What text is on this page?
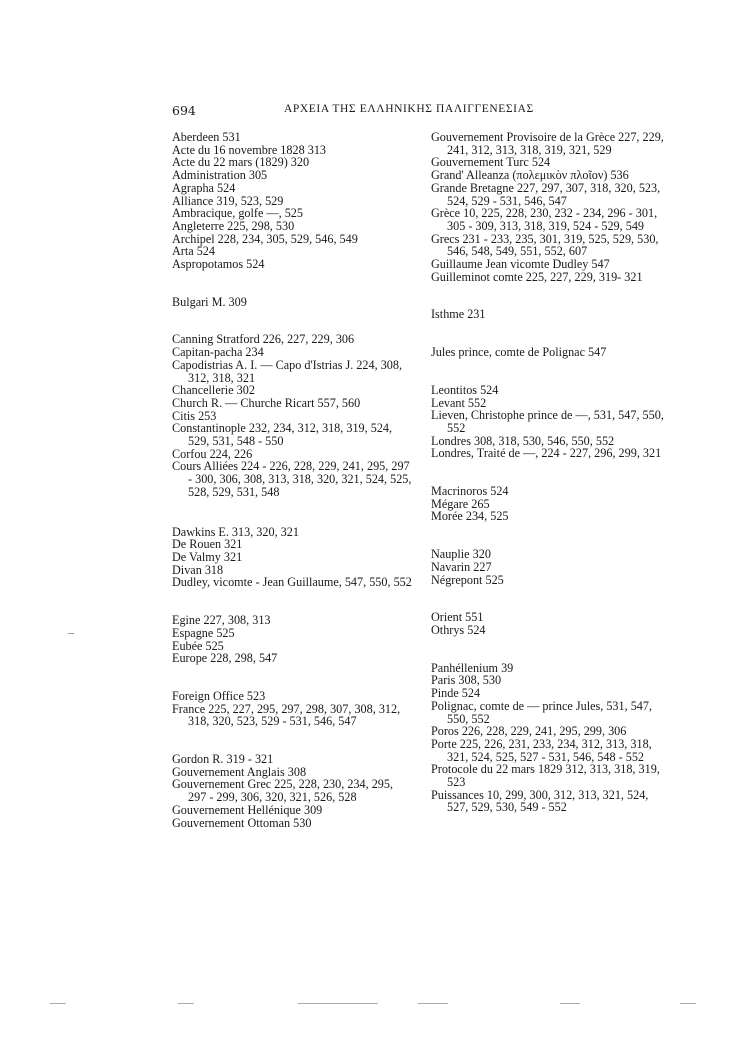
694	ΑΡΧΕΙΑ ΤΗΣ ΕΛΛΗΝΙΚΗΣ ΠΑΛΙΓΓΕΝΕΣΙΑΣ
Aberdeen 531
Acte du 16 novembre 1828 313
Acte du 22 mars (1829) 320
Administration 305
Agrapha 524
Alliance 319, 523, 529
Ambracique, golfe —, 525
Angleterre 225, 298, 530
Archipel 228, 234, 305, 529, 546, 549
Arta 524
Aspropotamos 524
Bulgari M. 309
Canning Stratford 226, 227, 229, 306
Capitan-pacha 234
Capodistrias A. I. — Capo d'Istrias J. 224, 308, 312, 318, 321
Chancellerie 302
Church R. — Churche Ricart 557, 560
Citis 253
Constantinople 232, 234, 312, 318, 319, 524, 529, 531, 548 - 550
Corfou 224, 226
Cours Alliées 224 - 226, 228, 229, 241, 295, 297 - 300, 306, 308, 313, 318, 320, 321, 524, 525, 528, 529, 531, 548
Dawkins E. 313, 320, 321
De Rouen 321
De Valmy 321
Divan 318
Dudley, vicomte - Jean Guillaume, 547, 550, 552
Egine 227, 308, 313
Espagne 525
Eubée 525
Europe 228, 298, 547
Foreign Office 523
France 225, 227, 295, 297, 298, 307, 308, 312, 318, 320, 523, 529 - 531, 546, 547
Gordon R. 319 - 321
Gouvernement Anglais 308
Gouvernement Grec 225, 228, 230, 234, 295, 297 - 299, 306, 320, 321, 526, 528
Gouvernement Hellénique 309
Gouvernement Ottoman 530
Gouvernement Provisoire de la Grèce 227, 229, 241, 312, 313, 318, 319, 321, 529
Gouvernement Turc 524
Grand' Alleanza (πολεμικὸν πλοῖον) 536
Grande Bretagne 227, 297, 307, 318, 320, 523, 524, 529 - 531, 546, 547
Grèce 10, 225, 228, 230, 232 - 234, 296 - 301, 305 - 309, 313, 318, 319, 524 - 529, 549
Grecs 231 - 233, 235, 301, 319, 525, 529, 530, 546, 548, 549, 551, 552, 607
Guillaume Jean vicomte Dudley 547
Guilleminot comte 225, 227, 229, 319- 321
Isthme 231
Jules prince, comte de Polignac 547
Leontitos 524
Levant 552
Lieven, Christophe prince de —, 531, 547, 550, 552
Londres 308, 318, 530, 546, 550, 552
Londres, Traité de —, 224 - 227, 296, 299, 321
Macrinoros 524
Mégare 265
Morée 234, 525
Nauplie 320
Navarin 227
Négrepont 525
Orient 551
Othrys 524
Panhéllenium 39
Paris 308, 530
Pinde 524
Polignac, comte de — prince Jules, 531, 547, 550, 552
Poros 226, 228, 229, 241, 295, 299, 306
Porte 225, 226, 231, 233, 234, 312, 313, 318, 321, 524, 525, 527 - 531, 546, 548 - 552
Protocole du 22 mars 1829 312, 313, 318, 319, 523
Puissances 10, 299, 300, 312, 313, 321, 524, 527, 529, 530, 549 - 552
